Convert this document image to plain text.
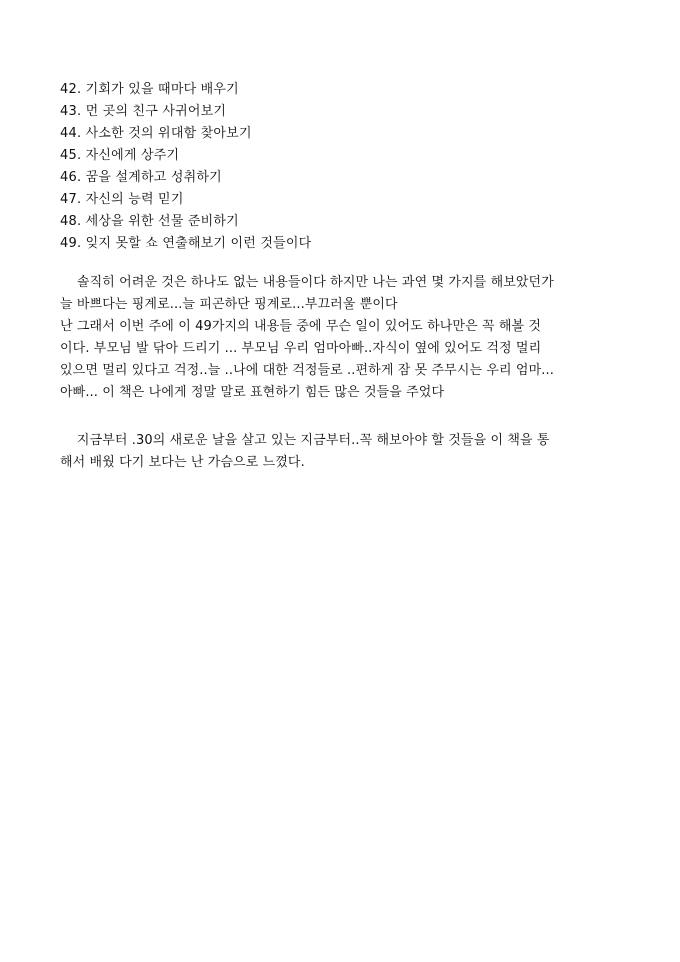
42. 기회가 있을 때마다 배우기
43. 먼 곳의 친구 사귀어보기
44. 사소한 것의 위대함 찾아보기
45. 자신에게 상주기
46. 꿈을 설계하고 성취하기
47. 자신의 능력 믿기
48. 세상을 위한 선물 준비하기
49. 잊지 못할 쇼 연출해보기 이런 것들이다

솔직히 어려운 것은 하나도 없는 내용들이다 하지만 나는 과연 몇 가지를 해보았던가
늘 바쁘다는 핑계로...늘 피곤하단 핑계로...부끄러울 뿐이다
난 그래서 이번 주에 이 49가지의 내용들 중에 무슨 일이 있어도 하나만은 꼭 해볼 것
이다. 부모님 발 닦아 드리기 ... 부모님 우리 엄마아빠..자식이 옆에 있어도 걱정 멀리
있으면 멀리 있다고 걱정..늘 ..나에 대한 걱정들로 ..편하게 잠 못 주무시는 우리 엄마...
아빠... 이 책은 나에게 정말 말로 표현하기 힘든 많은 것들을 주었다

지금부터 .30의 새로운 날을 살고 있는 지금부터..꼭 해보아야 할 것들을 이 책을 통
해서 배웠 다기 보다는 난 가슴으로 느꼈다.
